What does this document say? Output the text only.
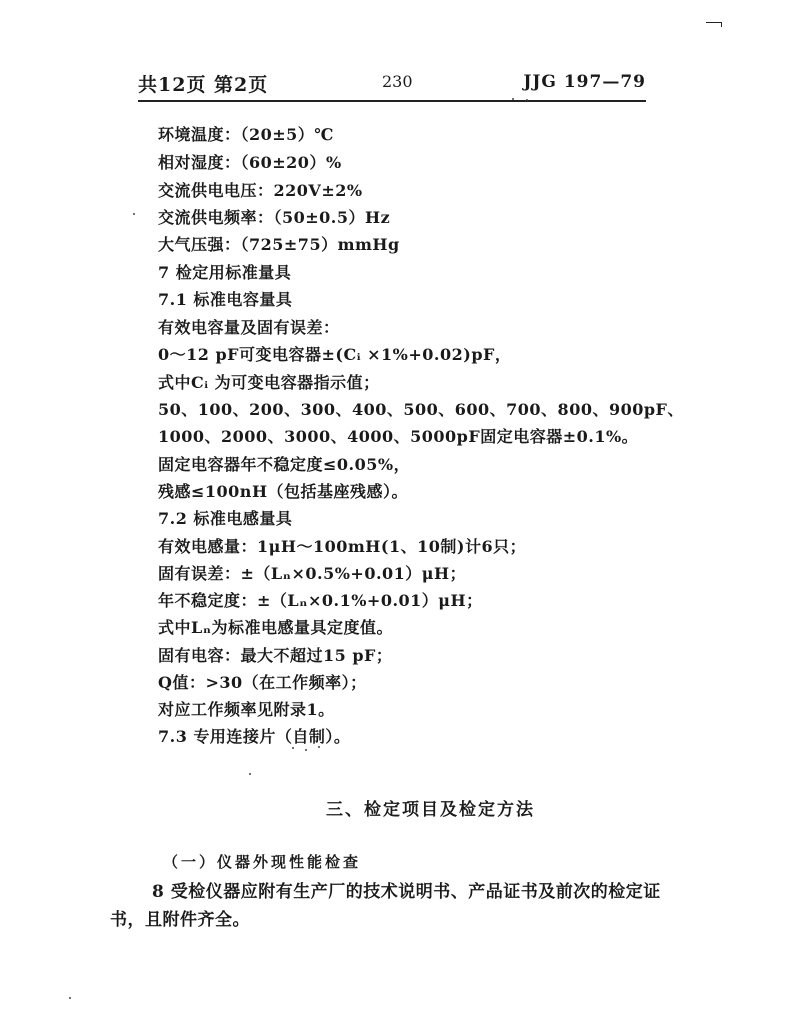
共12页 第2页	230	JJG 197—79
环境温度：（20±5）℃
相对湿度：（60±20）%
交流供电电压：220V±2%
交流供电频率：（50±0.5）Hz
大气压强：（725±75）mmHg
7 检定用标准量具
7.1 标准电容量具
有效电容量及固有误差：
0～12 pF可变电容器±(Cᵢ ×1%+0.02)pF，
式中Cᵢ 为可变电容器指示值；
50、100、200、300、400、500、600、700、800、900pF、
1000、2000、3000、4000、5000pF固定电容器±0.1%。
固定电容器年不稳定度≤0.05%，
残感≤100nH（包括基座残感）。
7.2 标准电感量具
有效电感量：1μH～100mH(1、10制)计6只；
固有误差：±（Lₙ×0.5%+0.01）μH；
年不稳定度：±（Lₙ×0.1%+0.01）μH；
式中Lₙ为标准电感量具定度值。
固有电容：最大不超过15 pF；
Q值：>30（在工作频率）；
对应工作频率见附录1。
7.3 专用连接片（自制）。
三、检定项目及检定方法
（一）仪器外现性能检查
8 受检仪器应附有生产厂的技术说明书、产品证书及前次的检定证书，且附件齐全。
